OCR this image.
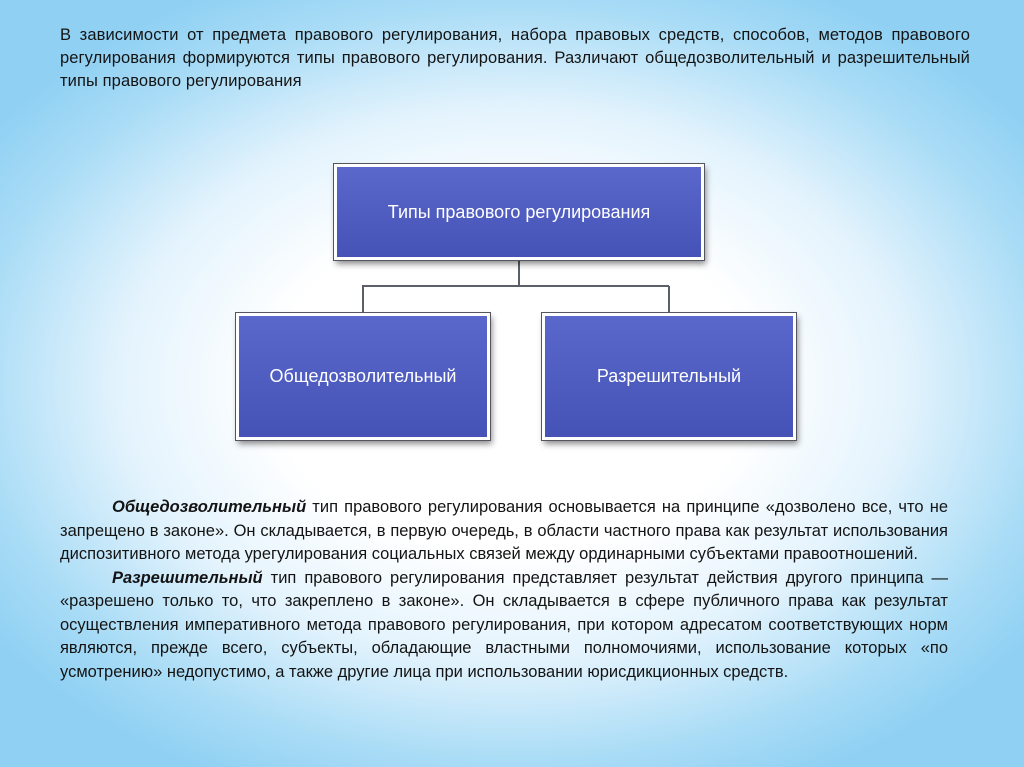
В зависимости от предмета правового регулирования, набора правовых средств, способов, методов правового регулирования формируются типы правового регулирования. Различают общедозволительный и разрешительный типы правового регулирования
Типы правового регулирования
Общедозволительный	Разрешительный

Общедозволительный тип правового регулирования основывается на принципе «дозволено все, что не запрещено в законе». Он складывается, в первую очередь, в области частного права как результат использования диспозитивного метода урегулирования социальных связей между ординарными субъектами правоотношений.

Разрешительный тип правового регулирования представляет результат действия другого принципа — «разрешено только то, что закреплено в законе». Он складывается в сфере публичного права как результат осуществления императивного метода правового регулирования, при котором адресатом соответствующих норм являются, прежде всего, субъекты, обладающие властными полномочиями, использование которых «по усмотрению» недопустимо, а также другие лица при использовании юрисдикционных средств.
